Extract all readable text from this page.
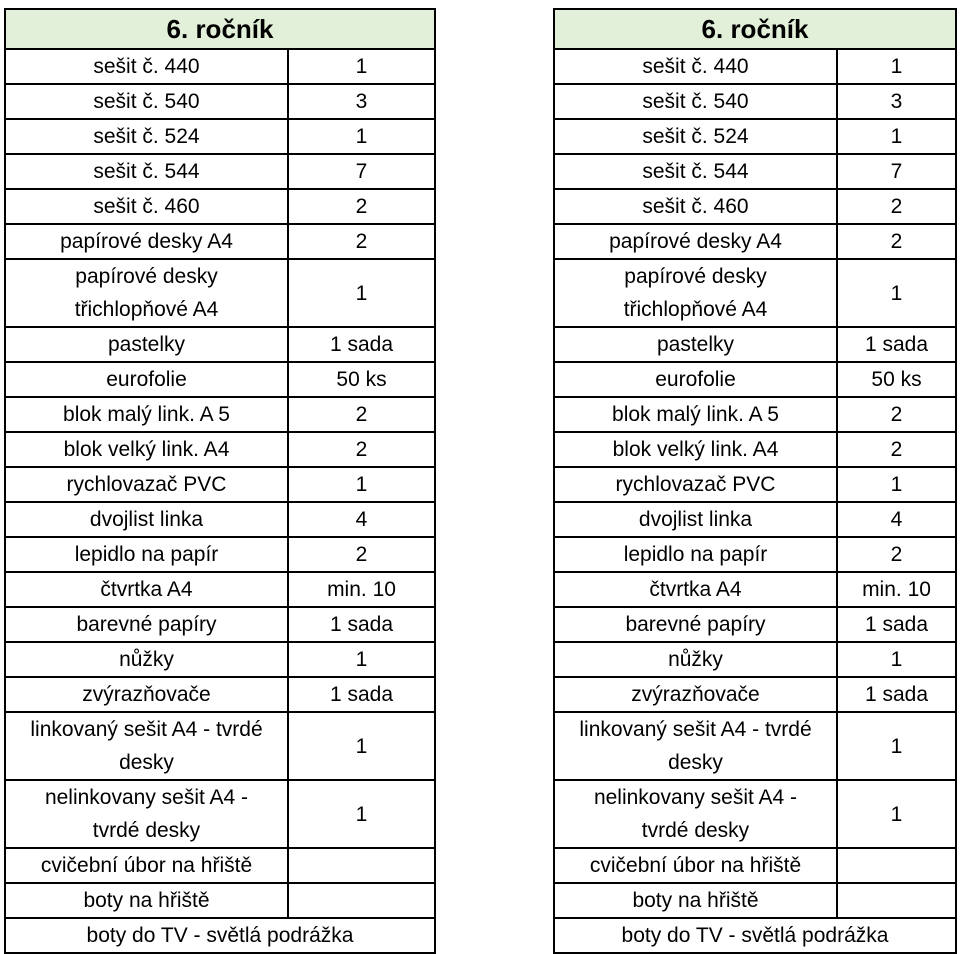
6. ročník	
sešit č. 440	1
sešit č. 540	3
sešit č. 524	1
sešit č. 544	7
sešit č. 460	2
papírové desky A4	2
papírové desky
třichlopňové A4	1
pastelky	1 sada
eurofolie	50 ks
blok malý link. A 5	2
blok velký link. A4	2
rychlovazač PVC	1
dvojlist linka	4
lepidlo na papír	2
čtvrtka A4	min. 10
barevné papíry	1 sada
nůžky	1
zvýrazňovače	1 sada
linkovaný sešit A4 - tvrdé
desky	1
nelinkovany sešit A4 -
tvrdé desky	1
cvičební úbor na hřiště	
boty na hřiště	
boty do TV - světlá podrážka	
6. ročník	
sešit č. 440	1
sešit č. 540	3
sešit č. 524	1
sešit č. 544	7
sešit č. 460	2
papírové desky A4	2
papírové desky
třichlopňové A4	1
pastelky	1 sada
eurofolie	50 ks
blok malý link. A 5	2
blok velký link. A4	2
rychlovazač PVC	1
dvojlist linka	4
lepidlo na papír	2
čtvrtka A4	min. 10
barevné papíry	1 sada
nůžky	1
zvýrazňovače	1 sada
linkovaný sešit A4 - tvrdé
desky	1
nelinkovany sešit A4 -
tvrdé desky	1
cvičební úbor na hřiště	
boty na hřiště	
boty do TV - světlá podrážka	
